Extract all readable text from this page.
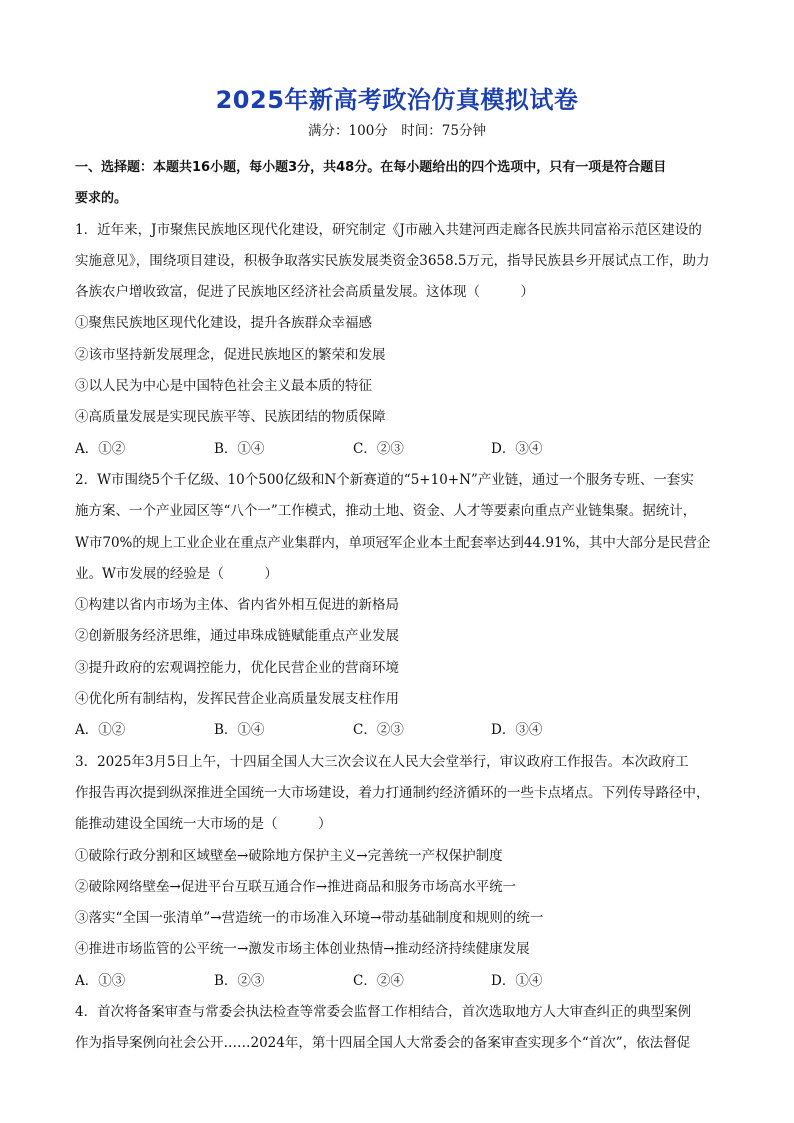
2025年新高考政治仿真模拟试卷
满分：100分　时间：75分钟
一、选择题：本题共16小题，每小题3分，共48分。在每小题给出的四个选项中，只有一项是符合题目
要求的。
1．近年来，J市聚焦民族地区现代化建设，研究制定《J市融入共建河西走廊各民族共同富裕示范区建设的
实施意见》，围绕项目建设，积极争取落实民族发展类资金3658.5万元，指导民族县乡开展试点工作，助力
各族农户增收致富，促进了民族地区经济社会高质量发展。这体现（　　　）
①聚焦民族地区现代化建设，提升各族群众幸福感
②该市坚持新发展理念，促进民族地区的繁荣和发展
③以人民为中心是中国特色社会主义最本质的特征
④高质量发展是实现民族平等、民族团结的物质保障
A．①②	B．①④	C．②③	D．③④
2．W市围绕5个千亿级、10个500亿级和N个新赛道的“5+10+N”产业链，通过一个服务专班、一套实
施方案、一个产业园区等“八个一”工作模式，推动土地、资金、人才等要素向重点产业链集聚。据统计，
W市70%的规上工业企业在重点产业集群内，单项冠军企业本土配套率达到44.91%，其中大部分是民营企
业。W市发展的经验是（　　　）
①构建以省内市场为主体、省内省外相互促进的新格局
②创新服务经济思维，通过串珠成链赋能重点产业发展
③提升政府的宏观调控能力，优化民营企业的营商环境
④优化所有制结构，发挥民营企业高质量发展支柱作用
A．①②	B．①④	C．②③	D．③④
3．2025年3月5日上午，十四届全国人大三次会议在人民大会堂举行，审议政府工作报告。本次政府工
作报告再次提到纵深推进全国统一大市场建设，着力打通制约经济循环的一些卡点堵点。下列传导路径中，
能推动建设全国统一大市场的是（　　　）
①破除行政分割和区域壁垒→破除地方保护主义→完善统一产权保护制度
②破除网络壁垒→促进平台互联互通合作→推进商品和服务市场高水平统一
③落实“全国一张清单”→营造统一的市场准入环境→带动基础制度和规则的统一
④推进市场监管的公平统一→激发市场主体创业热情→推动经济持续健康发展
A．①③	B．②③	C．②④	D．①④
4．首次将备案审查与常委会执法检查等常委会监督工作相结合，首次选取地方人大审查纠正的典型案例
作为指导案例向社会公开……2024年，第十四届全国人大常委会的备案审查实现多个“首次”，依法督促
